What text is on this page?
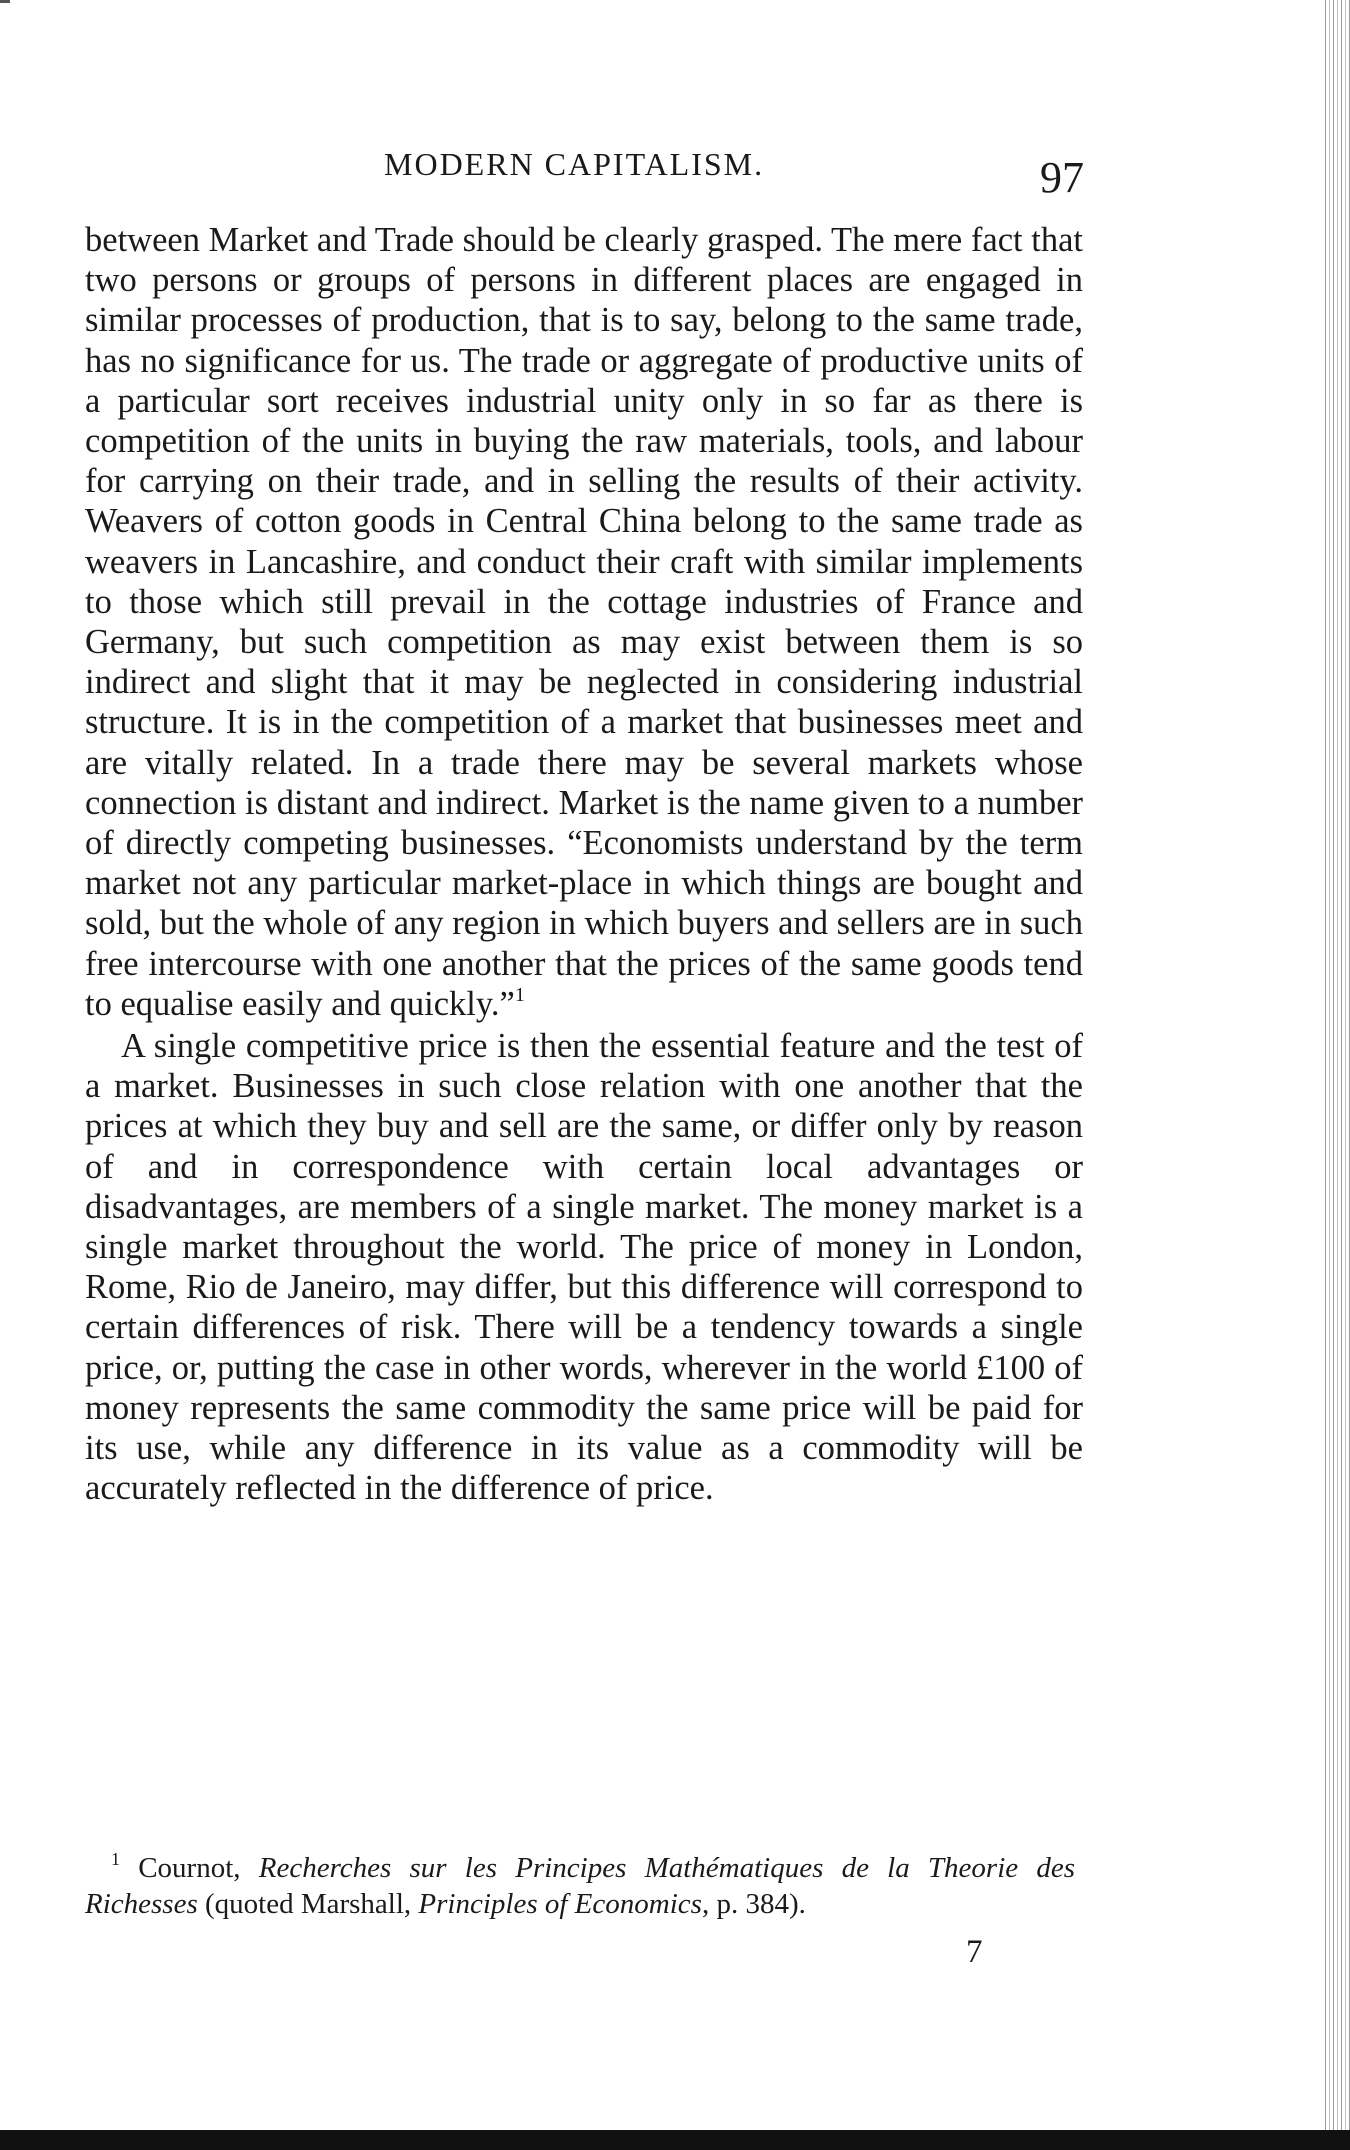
MODERN CAPITALISM.	97

between Market and Trade should be clearly grasped. The mere fact that two persons or groups of persons in different places are engaged in similar processes of production, that is to say, belong to the same trade, has no significance for us. The trade or aggregate of productive units of a particular sort receives industrial unity only in so far as there is competition of the units in buying the raw materials, tools, and labour for carrying on their trade, and in selling the results of their activity. Weavers of cotton goods in Central China belong to the same trade as weavers in Lancashire, and conduct their craft with similar implements to those which still prevail in the cottage industries of France and Germany, but such competition as may exist between them is so indirect and slight that it may be neglected in considering industrial structure. It is in the competition of a market that businesses meet and are vitally related. In a trade there may be several markets whose connection is distant and indirect. Market is the name given to a number of directly competing businesses. “Economists understand by the term market not any particular market-place in which things are bought and sold, but the whole of any region in which buyers and sellers are in such free intercourse with one another that the prices of the same goods tend to equalise easily and quickly.”$^1$

A single competitive price is then the essential feature and the test of a market. Businesses in such close relation with one another that the prices at which they buy and sell are the same, or differ only by reason of and in correspondence with certain local advantages or disadvantages, are members of a single market. The money market is a single market throughout the world. The price of money in London, Rome, Rio de Janeiro, may differ, but this difference will correspond to certain differences of risk. There will be a tendency towards a single price, or, putting the case in other words, wherever in the world £100 of money represents the same commodity the same price will be paid for its use, while any difference in its value as a commodity will be accurately reflected in the difference of price.

$^1$ Cournot, Recherches sur les Principes Mathématiques de la Theorie des Richesses (quoted Marshall, Principles of Economics, p. 384).
7
